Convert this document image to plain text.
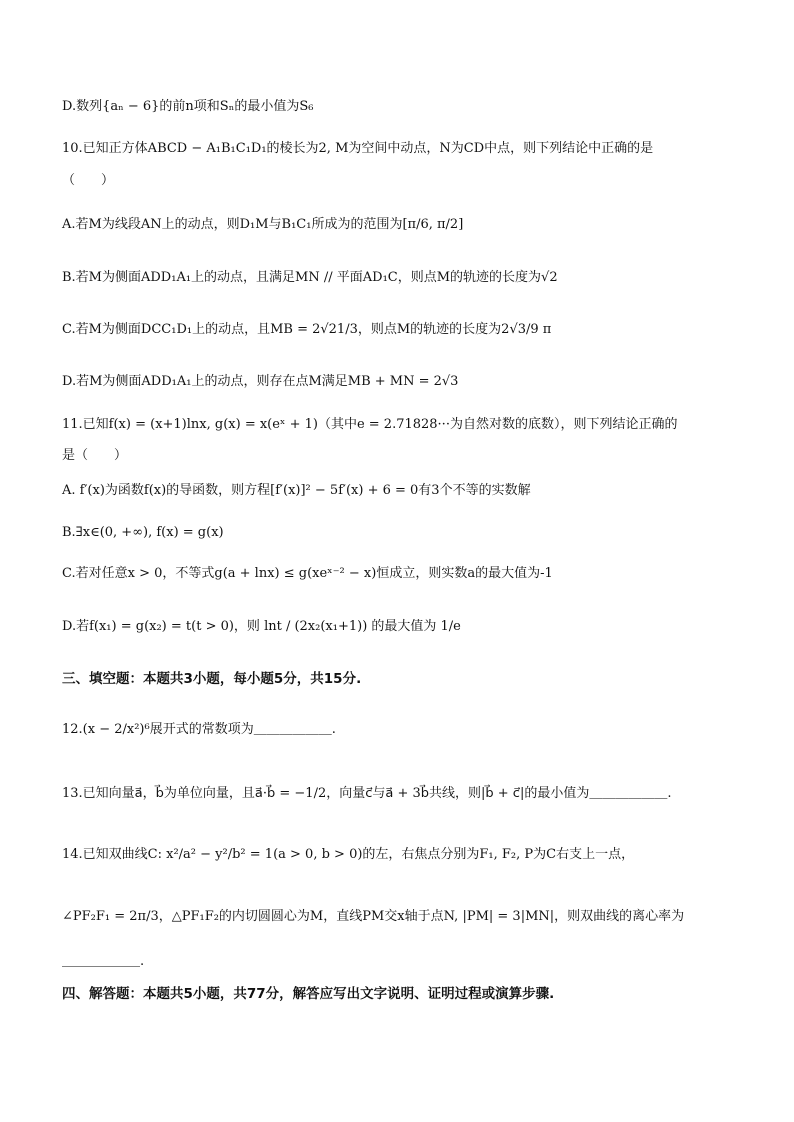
D.数列{aₙ − 6}的前n项和Sₙ的最小值为S₆
10.已知正方体ABCD − A₁B₁C₁D₁的棱长为2, M为空间中动点，N为CD中点，则下列结论中正确的是
（　　）
A.若M为线段AN上的动点，则D₁M与B₁C₁所成为的范围为[π/6, π/2]
B.若M为侧面ADD₁A₁上的动点，且满足MN // 平面AD₁C，则点M的轨迹的长度为√2
C.若M为侧面DCC₁D₁上的动点，且MB = 2√21/3，则点M的轨迹的长度为2√3/9 π
D.若M为侧面ADD₁A₁上的动点，则存在点M满足MB + MN = 2√3
11.已知f(x) = (x+1)lnx, g(x) = x(eˣ + 1)（其中e = 2.71828···为自然对数的底数），则下列结论正确的
是（　　）
A. f′(x)为函数f(x)的导函数，则方程[f′(x)]² − 5f′(x) + 6 = 0有3个不等的实数解
B.∃x∈(0, +∞), f(x) = g(x)
C.若对任意x > 0，不等式g(a + lnx) ≤ g(xeˣ⁻² − x)恒成立，则实数a的最大值为-1
D.若f(x₁) = g(x₂) = t(t > 0)，则 lnt / (2x₂(x₁+1)) 的最大值为 1/e
三、填空题：本题共3小题，每小题5分，共15分.
12.(x − 2/x²)⁶展开式的常数项为＿＿＿＿＿＿.
13.已知向量a⃗，b⃗为单位向量，且a⃗·b⃗ = −1/2，向量c⃗与a⃗ + 3b⃗共线，则|b⃗ + c⃗|的最小值为＿＿＿＿＿＿.
14.已知双曲线C: x²/a² − y²/b² = 1(a > 0, b > 0)的左，右焦点分别为F₁, F₂, P为C右支上一点，
∠PF₂F₁ = 2π/3，△PF₁F₂的内切圆圆心为M，直线PM交x轴于点N, |PM| = 3|MN|，则双曲线的离心率为
＿＿＿＿＿＿.
四、解答题：本题共5小题，共77分，解答应写出文字说明、证明过程或演算步骤.
